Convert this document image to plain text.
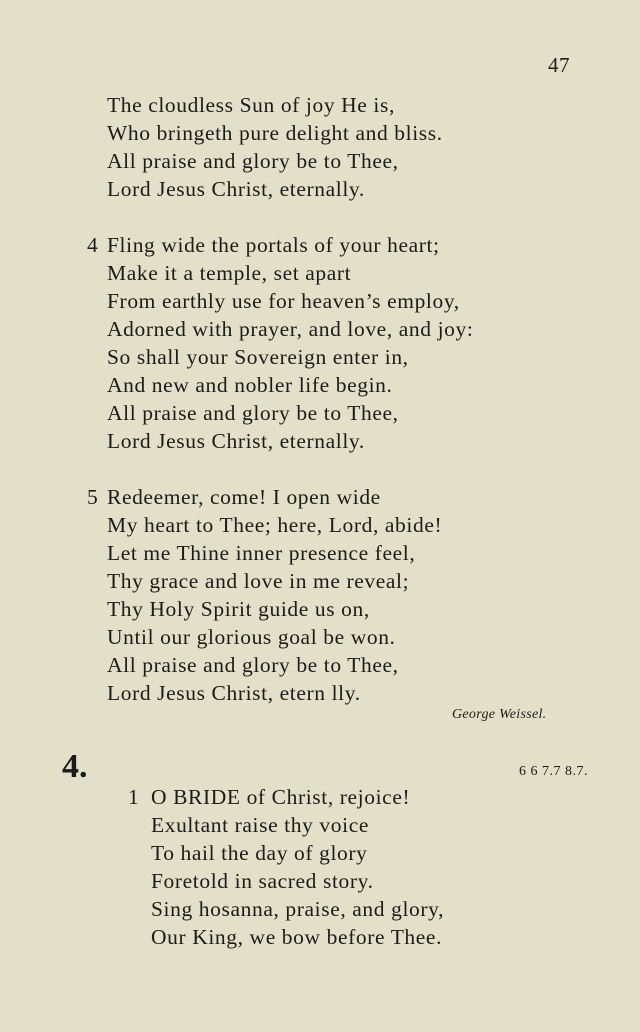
47
The cloudless Sun of joy He is,
Who bringeth pure delight and bliss.
All praise and glory be to Thee,
Lord Jesus Christ, eternally.
4 Fling wide the portals of your heart;
Make it a temple, set apart
From earthly use for heaven’s employ,
Adorned with prayer, and love, and joy:
So shall your Sovereign enter in,
And new and nobler life begin.
All praise and glory be to Thee,
Lord Jesus Christ, eternally.
5 Redeemer, come! I open wide
My heart to Thee; here, Lord, abide!
Let me Thine inner presence feel,
Thy grace and love in me reveal;
Thy Holy Spirit guide us on,
Until our glorious goal be won.
All praise and glory be to Thee,
Lord Jesus Christ, etern lly.
George Weissel.
4.	6 6 7.7 8.7.
1 O BRIDE of Christ, rejoice!
Exultant raise thy voice
To hail the day of glory
Foretold in sacred story.
Sing hosanna, praise, and glory,
Our King, we bow before Thee.
